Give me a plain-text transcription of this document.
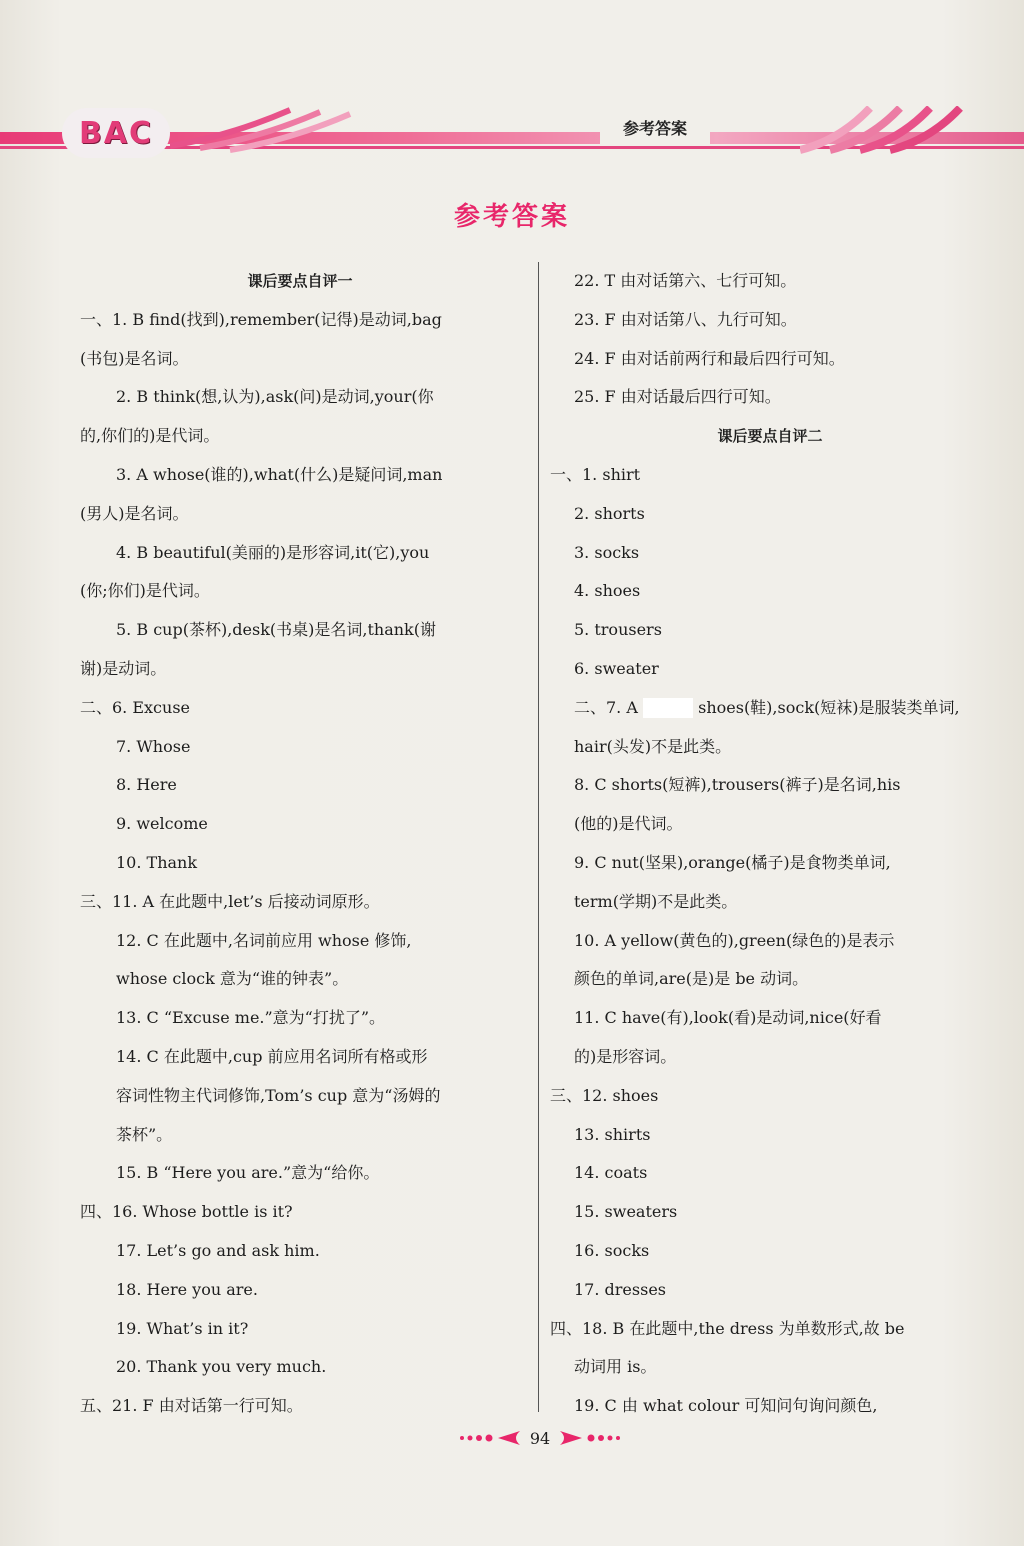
BAC	参考答案
参考答案
课后要点自评一
一、1. B find(找到),remember(记得)是动词,bag
(书包)是名词。
2. B think(想,认为),ask(问)是动词,your(你
的,你们的)是代词。
3. A whose(谁的),what(什么)是疑问词,man
(男人)是名词。
4. B beautiful(美丽的)是形容词,it(它),you
(你;你们)是代词。
5. B cup(茶杯),desk(书桌)是名词,thank(谢
谢)是动词。
二、6. Excuse
7. Whose
8. Here
9. welcome
10. Thank
三、11. A 在此题中,let’s 后接动词原形。
12. C 在此题中,名词前应用 whose 修饰,
whose clock 意为“谁的钟表”。
13. C “Excuse me.”意为“打扰了”。
14. C 在此题中,cup 前应用名词所有格或形
容词性物主代词修饰,Tom’s cup 意为“汤姆的
茶杯”。
15. B “Here you are.”意为“给你。
四、16. Whose bottle is it?
17. Let’s go and ask him.
18. Here you are.
19. What’s in it?
20. Thank you very much.
五、21. F 由对话第一行可知。
22. T 由对话第六、七行可知。
23. F 由对话第八、九行可知。
24. F 由对话前两行和最后四行可知。
25. F 由对话最后四行可知。
课后要点自评二
一、1. shirt
2. shorts
3. socks
4. shoes
5. trousers
6. sweater
二、7. A	shoes(鞋),sock(短袜)是服装类单词,
hair(头发)不是此类。
8. C shorts(短裤),trousers(裤子)是名词,his
(他的)是代词。
9. C nut(坚果),orange(橘子)是食物类单词,
term(学期)不是此类。
10. A yellow(黄色的),green(绿色的)是表示
颜色的单词,are(是)是 be 动词。
11. C have(有),look(看)是动词,nice(好看
的)是形容词。
三、12. shoes
13. shirts
14. coats
15. sweaters
16. socks
17. dresses
四、18. B 在此题中,the dress 为单数形式,故 be
动词用 is。
19. C 由 what colour 可知问句询问颜色,
94
